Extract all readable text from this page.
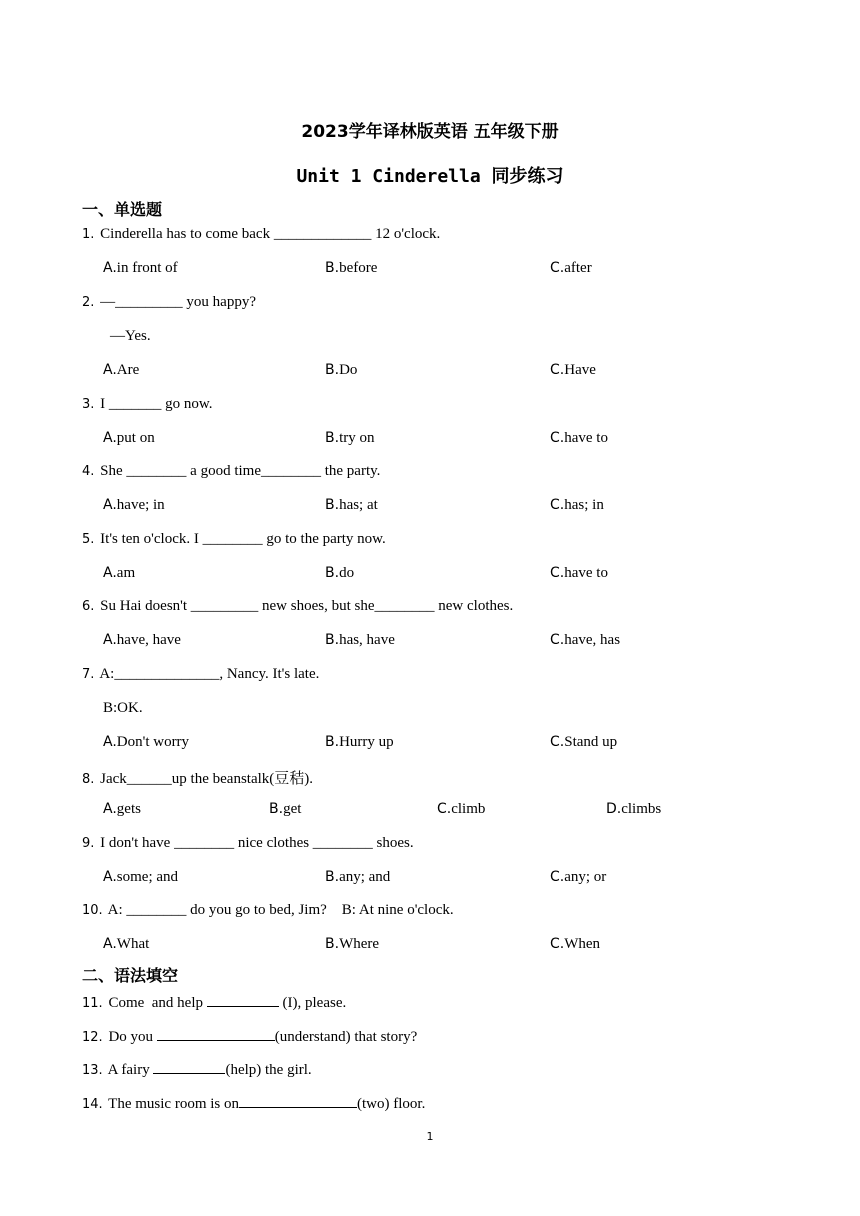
2023学年译林版英语 五年级下册
Unit 1 Cinderella 同步练习
一、单选题
1. Cinderella has to come back _____________ 12 o'clock.
A.in front of	B.before	C.after
2. —_________ you happy?
—Yes.
A.Are	B.Do	C.Have
3. I _______ go now.
A.put on	B.try on	C.have to
4. She ________ a good time________ the party.
A.have; in	B.has; at	C.has; in
5. It's ten o'clock. I ________ go to the party now.
A.am	B.do	C.have to
6. Su Hai doesn't _________ new shoes, but she________ new clothes.
A.have, have	B.has, have	C.have, has
7. A:______________, Nancy. It's late.
B:OK.
A.Don't worry	B.Hurry up	C.Stand up
8. Jack______up the beanstalk(豆秸).
A.gets	B.get	C.climb	D.climbs
9. I don't have ________ nice clothes ________ shoes.
A.some; and	B.any; and	C.any; or
10. A: ________ do you go to bed, Jim?    B: At nine o'clock.
A.What	B.Where	C.When
二、语法填空
11. Come  and help	(I), please.
12. Do you	(understand) that story?
13. A fairy	(help) the girl.
14. The music room is on	(two) floor.
1
